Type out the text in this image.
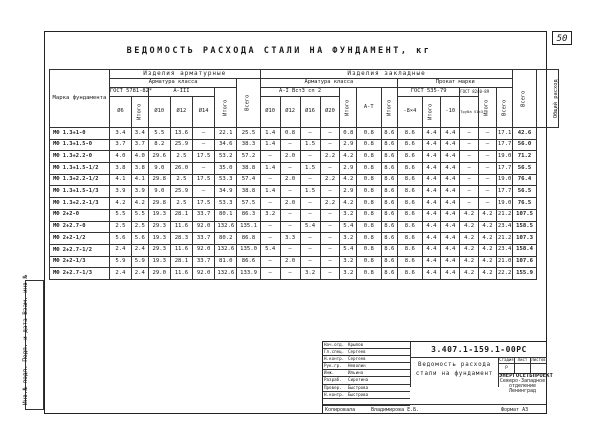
50
Инв.№ подл. Подп. и дата Взам. инв.№
ВЕДОМОСТЬ РАСХОДА СТАЛИ НА ФУНДАМЕНТ, кг
Марка фундамента	Изделия арматурные							Изделия закладные													Всего	Общий расход
	Арматура класса						Всего	Арматура класса							Прокат марки							
	ГОСТ 5781-82*		А-III			Итого		А-I Вст3 сп 2				Итого	А-Т	Итого	ГОСТ 535-79			ГОСТ 8240-89	Итого	Всего		
	Ø6	Итого	Ø10	Ø12	Ø14			Ø10	Ø12	Ø16	Ø20				-8×4	Итого	-10	Труба 51×3.5				
МФ 1.3+1-0	3.4	3.4	5.5	13.6	—	22.1	25.5	1.4	0.8	—	—	0.8	0.8	8.6	8.6	4.4	4.4	—	—	17.1	42.6	
МФ 1.3+1.5-0	3.7	3.7	8.2	25.9	—	34.6	38.3	1.4	—	1.5	—	2.9	0.8	8.6	8.6	4.4	4.4	—	—	17.7	56.0	
МФ 1.3+2.2-0	4.0	4.0	29.6	2.5	17.5	53.2	57.2	—	2.0	—	2.2	4.2	0.8	8.6	8.6	4.4	4.4	—	—	19.0	71.2	
МФ 1.3+1.5-1/2	3.8	3.8	9.0	26.0	—	35.0	38.8	1.4	—	1.5	—	2.9	0.8	8.6	8.6	4.4	4.4	—	—	17.7	56.5	
МФ 1.3+2.2-1/2	4.1	4.1	29.8	2.5	17.5	53.3	57.4	—	2.0	—	2.2	4.2	0.8	8.6	8.6	4.4	4.4	—	—	19.0	76.4	
МФ 1.3+1.5-1/3	3.9	3.9	9.0	25.9	—	34.9	38.8	1.4	—	1.5	—	2.9	0.8	8.6	8.6	4.4	4.4	—	—	17.7	56.5	
МФ 1.3+2.2-1/3	4.2	4.2	29.8	2.5	17.5	53.3	57.5	—	2.0	—	2.2	4.2	0.8	8.6	8.6	4.4	4.4	—	—	19.0	76.5	
МФ 2+2-0	5.5	5.5	19.3	28.1	33.7	80.1	86.3	3.2	—	—	—	3.2	0.8	8.6	8.6	4.4	4.4	4.2	4.2	21.2	107.5	
МФ 2+2.7-0	2.5	2.5	29.3	11.6	92.0	132.6	135.1	—	—	5.4	—	5.4	0.8	8.6	8.6	4.4	4.4	4.2	4.2	23.4	158.5	
МФ 2+2-1/2	5.6	5.6	19.3	28.3	33.7	80.2	86.8	—	3.3	—	—	3.2	0.8	8.6	8.6	4.4	4.4	4.2	4.2	21.2	107.3	
МФ 2+2.7-1/2	2.4	2.4	29.3	11.6	92.0	132.6	135.0	5.4	—	—	—	5.4	0.8	8.6	8.6	4.4	4.4	4.2	4.2	23.4	158.4	
МФ 2+2-1/3	5.9	5.9	19.3	28.1	33.7	81.0	86.6	—	2.0	—	—	3.2	0.8	8.6	8.6	4.4	4.4	4.2	4.2	21.0	107.6	
МФ 2+2.7-1/3	2.4	2.4	29.0	11.6	92.0	132.6	133.9	—	—	3.2	—	3.2	0.8	8.6	8.6	4.4	4.4	4.2	4.2	22.2	155.9	
Нач.отд. Крылов
Гл.спец. Сергеев
Н.контр. Сергеев
Рук.гр.	Неволин
Инж.	Ильина
Разраб.	Сиротина
Провер.	Быстрова
Н.контр. Быстрова
3.407.1-159.1-00РС
Ведомость расхода
стали на фундамент
Стадия Лист Листов
Р
ЭНЕРГОСЕТЬПРОЕКТ
Северо-Западное отделение
Ленинград
Копировала	Владимирова Е.Б.	Формат А3
